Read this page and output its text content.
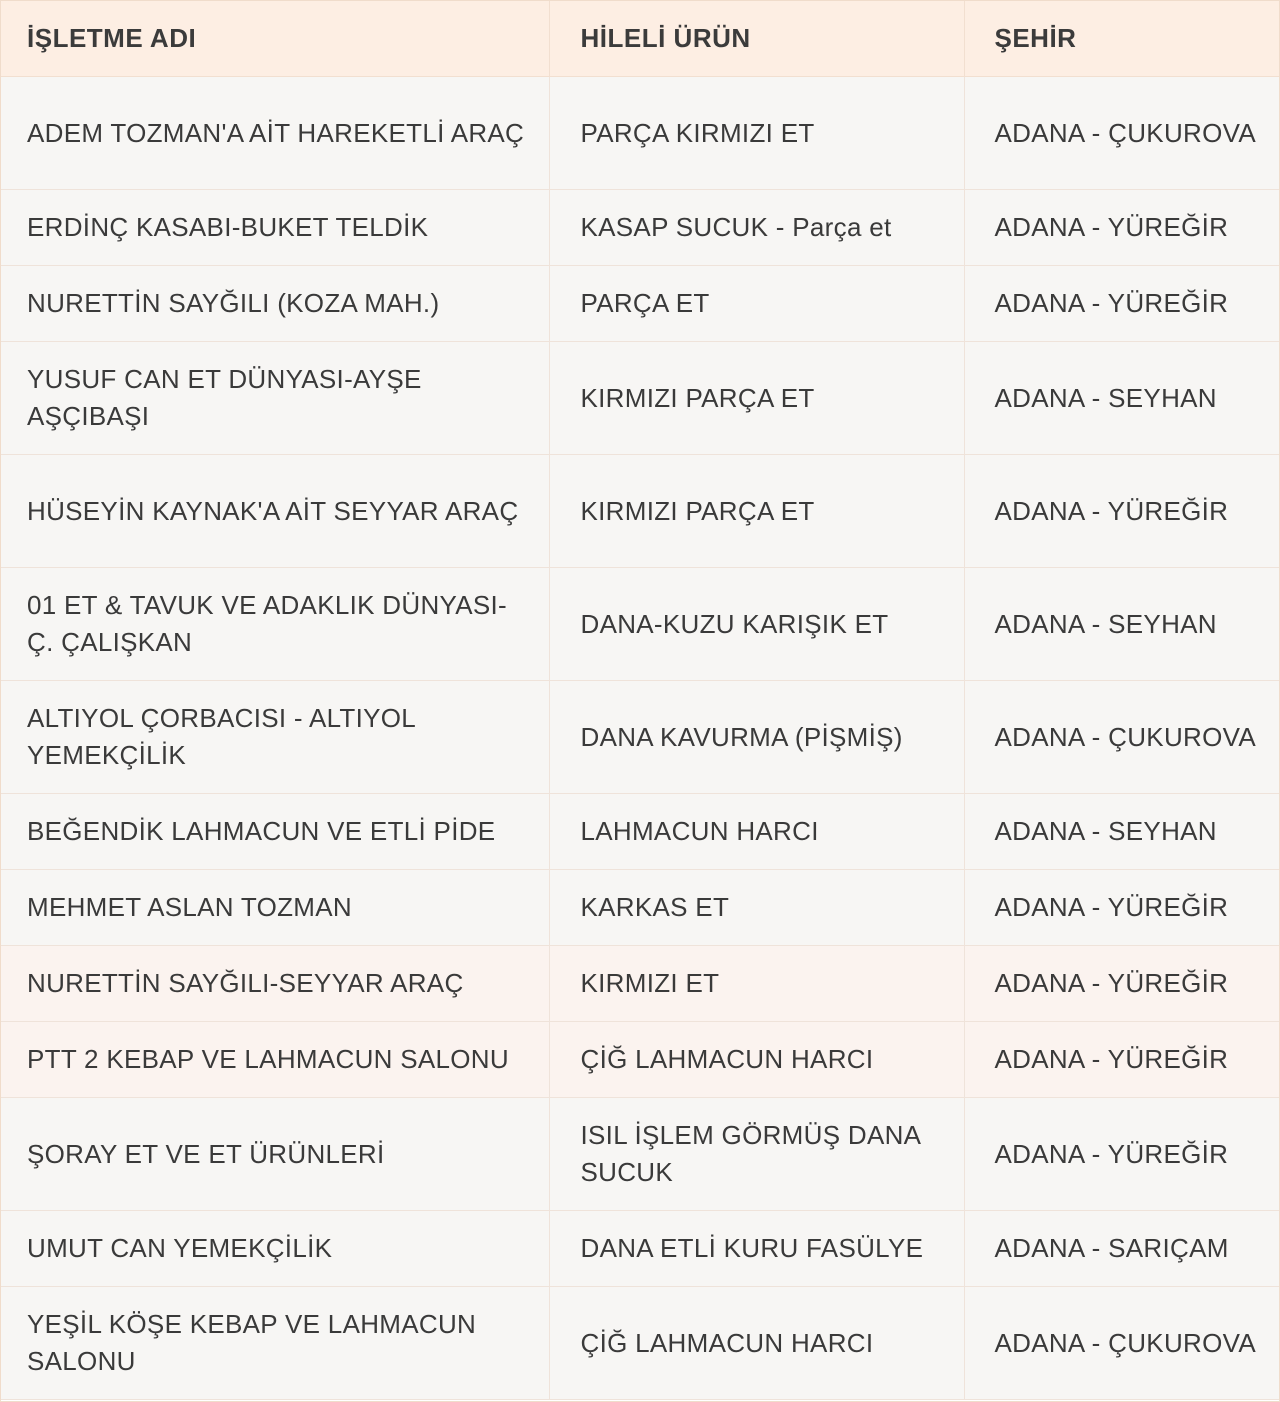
İŞLETME ADI	HİLELİ ÜRÜN	ŞEHİR
ADEM TOZMAN'A AİT HAREKETLİ ARAÇ	PARÇA KIRMIZI ET	ADANA - ÇUKUROVA
ERDİNÇ KASABI-BUKET TELDİK	KASAP SUCUK - Parça et	ADANA - YÜREĞİR
NURETTİN SAYĞILI (KOZA MAH.)	PARÇA ET	ADANA - YÜREĞİR
YUSUF CAN ET DÜNYASI-AYŞE AŞÇIBAŞI	KIRMIZI PARÇA ET	ADANA - SEYHAN
HÜSEYİN KAYNAK'A AİT SEYYAR ARAÇ	KIRMIZI PARÇA ET	ADANA - YÜREĞİR
01 ET & TAVUK VE ADAKLIK DÜNYASI-Ç. ÇALIŞKAN	DANA-KUZU KARIŞIK ET	ADANA - SEYHAN
ALTIYOL ÇORBACISI - ALTIYOL YEMEKÇİLİK	DANA KAVURMA (PİŞMİŞ)	ADANA - ÇUKUROVA
BEĞENDİK LAHMACUN VE ETLİ PİDE	LAHMACUN HARCI	ADANA - SEYHAN
MEHMET ASLAN TOZMAN	KARKAS ET	ADANA - YÜREĞİR
NURETTİN SAYĞILI-SEYYAR ARAÇ	KIRMIZI ET	ADANA - YÜREĞİR
PTT 2 KEBAP VE LAHMACUN SALONU	ÇİĞ LAHMACUN HARCI	ADANA - YÜREĞİR
ŞORAY ET VE ET ÜRÜNLERİ	ISIL İŞLEM GÖRMÜŞ DANA SUCUK	ADANA - YÜREĞİR
UMUT CAN YEMEKÇİLİK	DANA ETLİ KURU FASÜLYE	ADANA - SARIÇAM
YEŞİL KÖŞE KEBAP VE LAHMACUN SALONU	ÇİĞ LAHMACUN HARCI	ADANA - ÇUKUROVA
